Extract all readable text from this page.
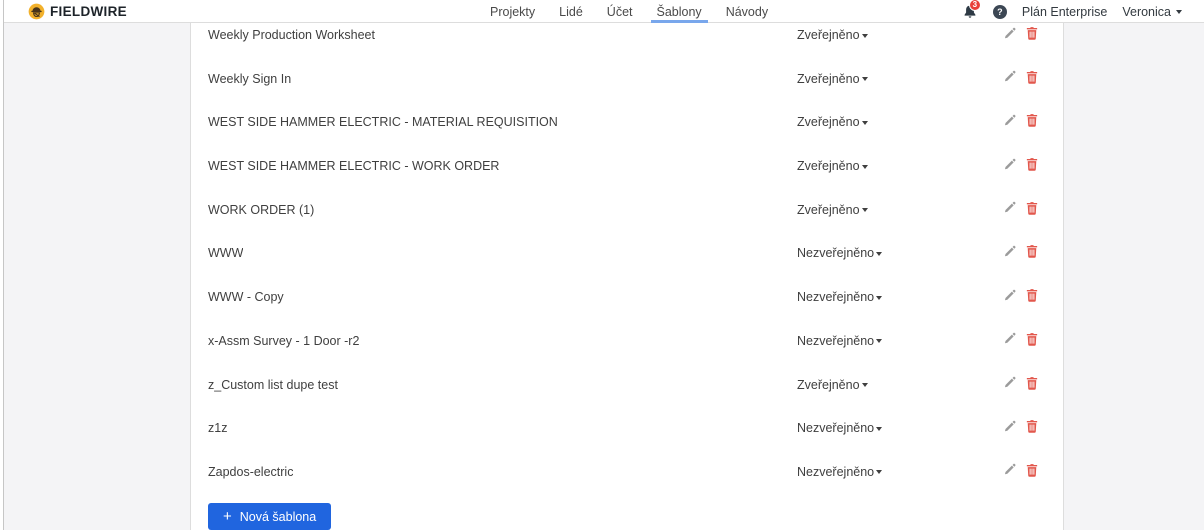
FIELDWIRE	Projekty Lidé Účet Šablony Návody	3
? Plán Enterprise Veronica
Weekly Production Worksheet	Zveřejněno
Weekly Sign In	Zveřejněno
WEST SIDE HAMMER ELECTRIC - MATERIAL REQUISITION	Zveřejněno
WEST SIDE HAMMER ELECTRIC - WORK ORDER	Zveřejněno
WORK ORDER (1)	Zveřejněno
WWW	Nezveřejněno
WWW - Copy	Nezveřejněno
x-Assm Survey - 1 Door -r2	Nezveřejněno
z_Custom list dupe test	Zveřejněno
z1z	Nezveřejněno
Zapdos-electric	Nezveřejněno
+ Nová šablona
